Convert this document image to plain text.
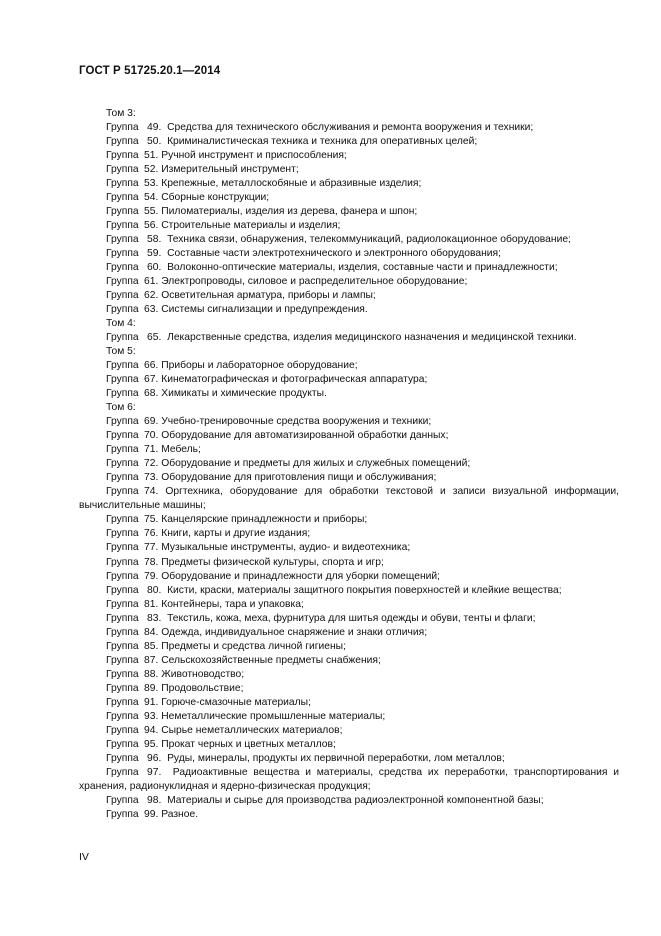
ГОСТ Р 51725.20.1—2014
Том 3:
Группа 49. Средства для технического обслуживания и ремонта вооружения и техники;
Группа 50. Криминалистическая техника и техника для оперативных целей;
Группа 51. Ручной инструмент и приспособления;
Группа 52. Измерительный инструмент;
Группа 53. Крепежные, металлоскобяные и абразивные изделия;
Группа 54. Сборные конструкции;
Группа 55. Пиломатериалы, изделия из дерева, фанера и шпон;
Группа 56. Строительные материалы и изделия;
Группа 58. Техника связи, обнаружения, телекоммуникаций, радиолокационное оборудование;
Группа 59. Составные части электротехнического и электронного оборудования;
Группа 60. Волоконно-оптические материалы, изделия, составные части и принадлежности;
Группа 61. Электропроводы, силовое и распределительное оборудование;
Группа 62. Осветительная арматура, приборы и лампы;
Группа 63. Системы сигнализации и предупреждения.
Том 4:
Группа 65. Лекарственные средства, изделия медицинского назначения и медицинской техники.
Том 5:
Группа 66. Приборы и лабораторное оборудование;
Группа 67. Кинематографическая и фотографическая аппаратура;
Группа 68. Химикаты и химические продукты.
Том 6:
Группа 69. Учебно-тренировочные средства вооружения и техники;
Группа 70. Оборудование для автоматизированной обработки данных;
Группа 71. Мебель;
Группа 72. Оборудование и предметы для жилых и служебных помещений;
Группа 73. Оборудование для приготовления пищи и обслуживания;
Группа 74. Оргтехника, оборудование для обработки текстовой и записи визуальной информации, вычислительные машины;
Группа 75. Канцелярские принадлежности и приборы;
Группа 76. Книги, карты и другие издания;
Группа 77. Музыкальные инструменты, аудио- и видеотехника;
Группа 78. Предметы физической культуры, спорта и игр;
Группа 79. Оборудование и принадлежности для уборки помещений;
Группа 80. Кисти, краски, материалы защитного покрытия поверхностей и клейкие вещества;
Группа 81. Контейнеры, тара и упаковка;
Группа 83. Текстиль, кожа, меха, фурнитура для шитья одежды и обуви, тенты и флаги;
Группа 84. Одежда, индивидуальное снаряжение и знаки отличия;
Группа 85. Предметы и средства личной гигиены;
Группа 87. Сельскохозяйственные предметы снабжения;
Группа 88. Животноводство;
Группа 89. Продовольствие;
Группа 91. Горюче-смазочные материалы;
Группа 93. Неметаллические промышленные материалы;
Группа 94. Сырье неметаллических материалов;
Группа 95. Прокат черных и цветных металлов;
Группа 96. Руды, минералы, продукты их первичной переработки, лом металлов;
Группа 97. Радиоактивные вещества и материалы, средства их переработки, транспортирования и хранения, радионуклидная и ядерно-физическая продукция;
Группа 98. Материалы и сырье для производства радиоэлектронной компонентной базы;
Группа 99. Разное.
IV
